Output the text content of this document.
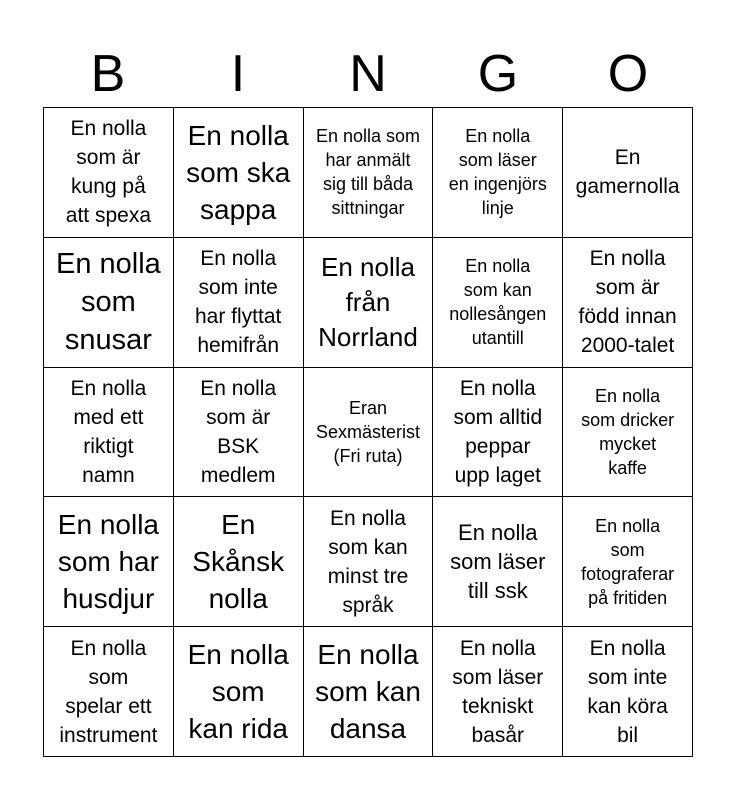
B	I	N	G	O
En nolla
som är
kung på
att spexa
En nolla
som ska
sappa
En nolla som
har anmält
sig till båda
sittningar
En nolla
som läser
en ingenjörs
linje
En
gamernolla
En nolla
som
snusar
En nolla
som inte
har flyttat
hemifrån
En nolla
från
Norrland
En nolla
som kan
nollesången
utantill
En nolla
som är
född innan
2000-talet
En nolla
med ett
riktigt
namn
En nolla
som är
BSK
medlem
Eran
Sexmästerist
(Fri ruta)
En nolla
som alltid
peppar
upp laget
En nolla
som dricker
mycket
kaffe
En nolla
som har
husdjur
En
Skånsk
nolla
En nolla
som kan
minst tre
språk
En nolla
som läser
till ssk
En nolla
som
fotograferar
på fritiden
En nolla
som
spelar ett
instrument
En nolla
som
kan rida
En nolla
som kan
dansa
En nolla
som läser
tekniskt
basår
En nolla
som inte
kan köra
bil
